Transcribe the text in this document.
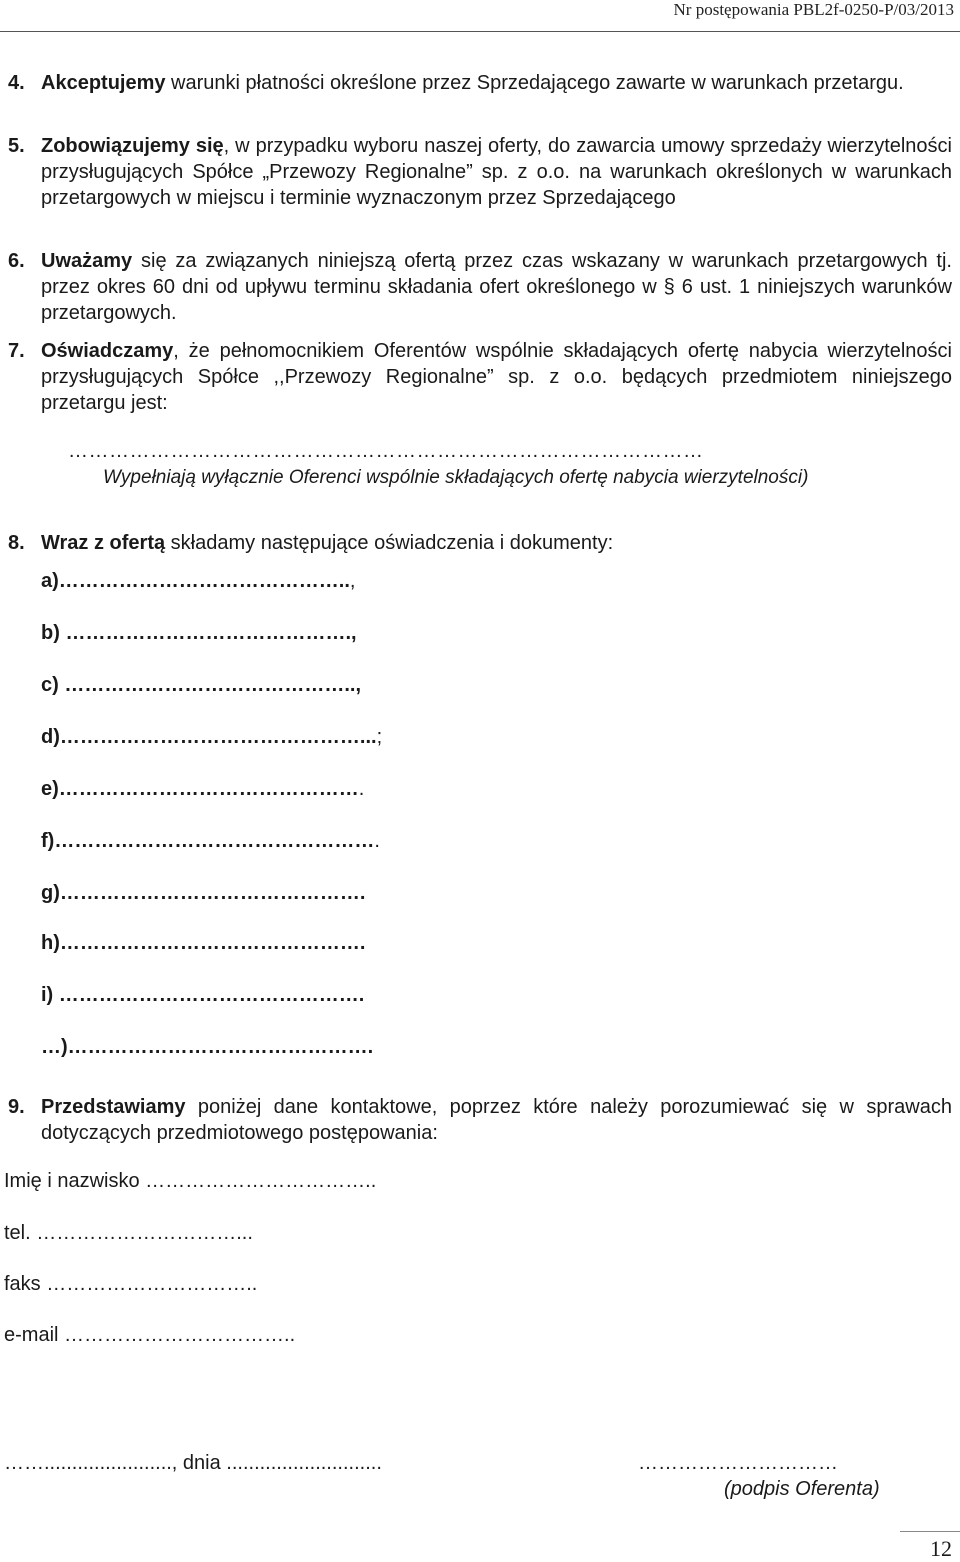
Nr postępowania PBL2f-0250-P/03/2013
4. Akceptujemy warunki płatności określone przez Sprzedającego zawarte w warunkach przetargu.
5. Zobowiązujemy się, w przypadku wyboru naszej oferty, do zawarcia umowy sprzedaży wierzytelności przysługujących Spółce „Przewozy Regionalne” sp. z o.o. na warunkach określonych w warunkach przetargowych w miejscu i terminie wyznaczonym przez Sprzedającego
6. Uważamy się za związanych niniejszą ofertą przez czas wskazany w warunkach przetargowych tj. przez okres 60 dni od upływu terminu składania ofert określonego w § 6 ust. 1 niniejszych warunków przetargowych.
7. Oświadczamy, że pełnomocnikiem Oferentów wspólnie składających ofertę nabycia wierzytelności przysługujących Spółce ,,Przewozy Regionalne” sp. z o.o. będących przedmiotem niniejszego przetargu jest:
…………………………………………………………………………………
Wypełniają wyłącznie Oferenci wspólnie składających ofertę nabycia wierzytelności)
8. Wraz z ofertą składamy następujące oświadczenia i dokumenty:
a)……………………………………..,
b) …………………………………….,
c) ……………………………………..,
d)………………………………………...;
e)……………………………………….
f)………………………………………….
g)……………………………………….
h)……………………………………….
i) ……………………………………….
…)……………………………………….
9. Przedstawiamy poniżej dane kontaktowe, poprzez które należy porozumiewać się w sprawach dotyczących przedmiotowego postępowania:
Imię i nazwisko ……………………………..
tel. …………………………...
faks …………………………..
e-mail ……………………………..
……......................., dnia ............................	…………………………
(podpis Oferenta)
12
